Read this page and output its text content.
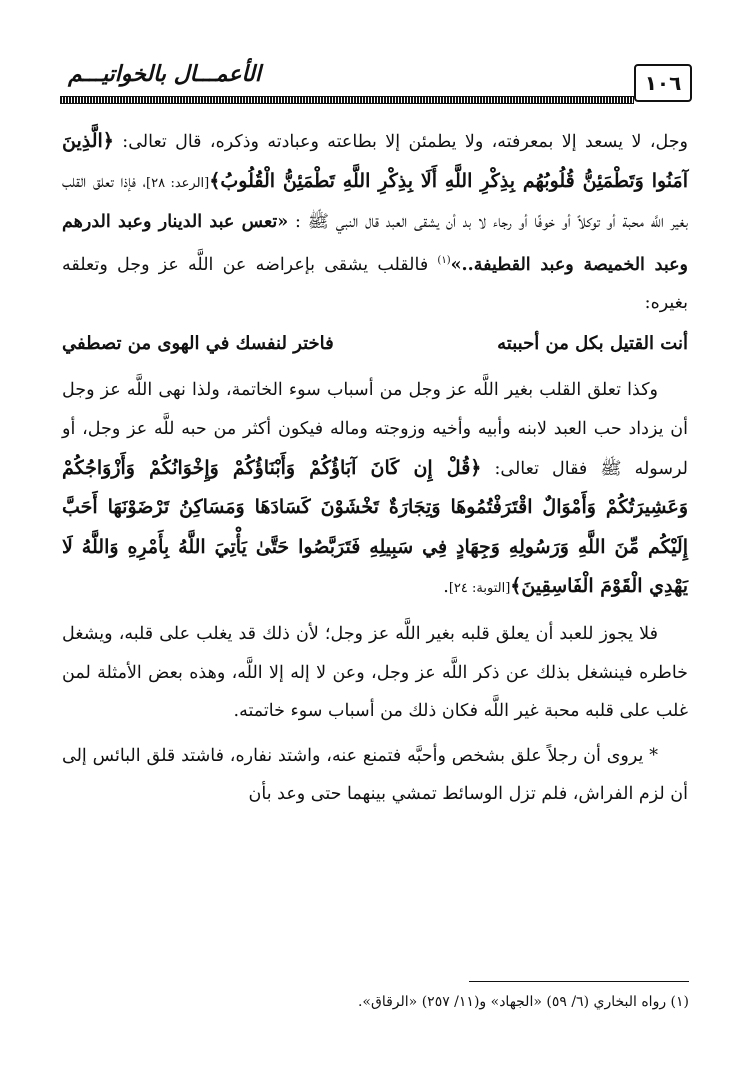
١٠٦
الأعمـــال بالخواتيـــم

وجل، لا يسعد إلا بمعرفته، ولا يطمئن إلا بطاعته وعبادته وذكره، قال تعالى: ﴿الَّذِينَ آمَنُوا وَتَطْمَئِنُّ قُلُوبُهُم بِذِكْرِ اللَّهِ أَلَا بِذِكْرِ اللَّهِ تَطْمَئِنُّ الْقُلُوبُ﴾[الرعد: ٢٨]، فإذا تعلق القلب بغير اللَّه محبة أو توكلاً أو خوفًا أو رجاء لا بد أن يشقى العبد قال النبي ﷺ : «تعس عبد الدينار وعبد الدرهم وعبد الخميصة وعبد القطيفة..»$^{(١)}$ فالقلب يشقى بإعراضه عن اللَّه عز وجل وتعلقه بغيره:

أنت القتيل بكل من أحببته
فاختر لنفسك في الهوى من تصطفي

وكذا تعلق القلب بغير اللَّه عز وجل من أسباب سوء الخاتمة، ولذا نهى اللَّه عز وجل أن يزداد حب العبد لابنه وأبيه وأخيه وزوجته وماله فيكون أكثر من حبه للَّه عز وجل، أو لرسوله ﷺ فقال تعالى: ﴿قُلْ إِن كَانَ آبَاؤُكُمْ وَأَبْنَاؤُكُمْ وَإِخْوَانُكُمْ وَأَزْوَاجُكُمْ وَعَشِيرَتُكُمْ وَأَمْوَالٌ اقْتَرَفْتُمُوهَا وَتِجَارَةٌ تَخْشَوْنَ كَسَادَهَا وَمَسَاكِنُ تَرْضَوْنَهَا أَحَبَّ إِلَيْكُم مِّنَ اللَّهِ وَرَسُولِهِ وَجِهَادٍ فِي سَبِيلِهِ فَتَرَبَّصُوا حَتَّىٰ يَأْتِيَ اللَّهُ بِأَمْرِهِ وَاللَّهُ لَا يَهْدِي الْقَوْمَ الْفَاسِقِينَ﴾[التوبة: ٢٤].

فلا يجوز للعبد أن يعلق قلبه بغير اللَّه عز وجل؛ لأن ذلك قد يغلب على قلبه، ويشغل خاطره فينشغل بذلك عن ذكر اللَّه عز وجل، وعن لا إله إلا اللَّه، وهذه بعض الأمثلة لمن غلب على قلبه محبة غير اللَّه فكان ذلك من أسباب سوء خاتمته.

* يروى أن رجلاً علق بشخص وأحبَّه فتمنع عنه، واشتد نفاره، فاشتد قلق البائس إلى أن لزم الفراش، فلم تزل الوسائط تمشي بينهما حتى وعد بأن

(١) رواه البخاري (٦/ ٥٩) «الجهاد» و(١١/ ٢٥٧) «الرقاق».
